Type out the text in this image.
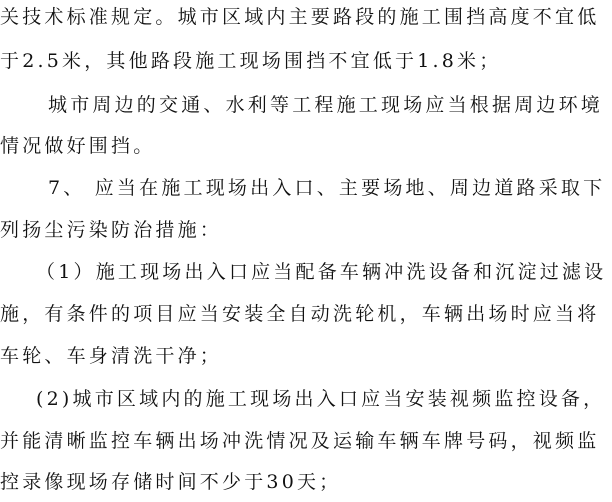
关技术标准规定。城市区域内主要路段的施工围挡高度不宜低
于2.5米，其他路段施工现场围挡不宜低于1.8米；
城市周边的交通、水利等工程施工现场应当根据周边环境
情况做好围挡。
7、 应当在施工现场出入口、主要场地、周边道路采取下
列扬尘污染防治措施：
（1）施工现场出入口应当配备车辆冲洗设备和沉淀过滤设
施，有条件的项目应当安装全自动洗轮机，车辆出场时应当将
车轮、车身清洗干净；
(2)城市区域内的施工现场出入口应当安装视频监控设备，
并能清晰监控车辆出场冲洗情况及运输车辆车牌号码，视频监
控录像现场存储时间不少于30天；
